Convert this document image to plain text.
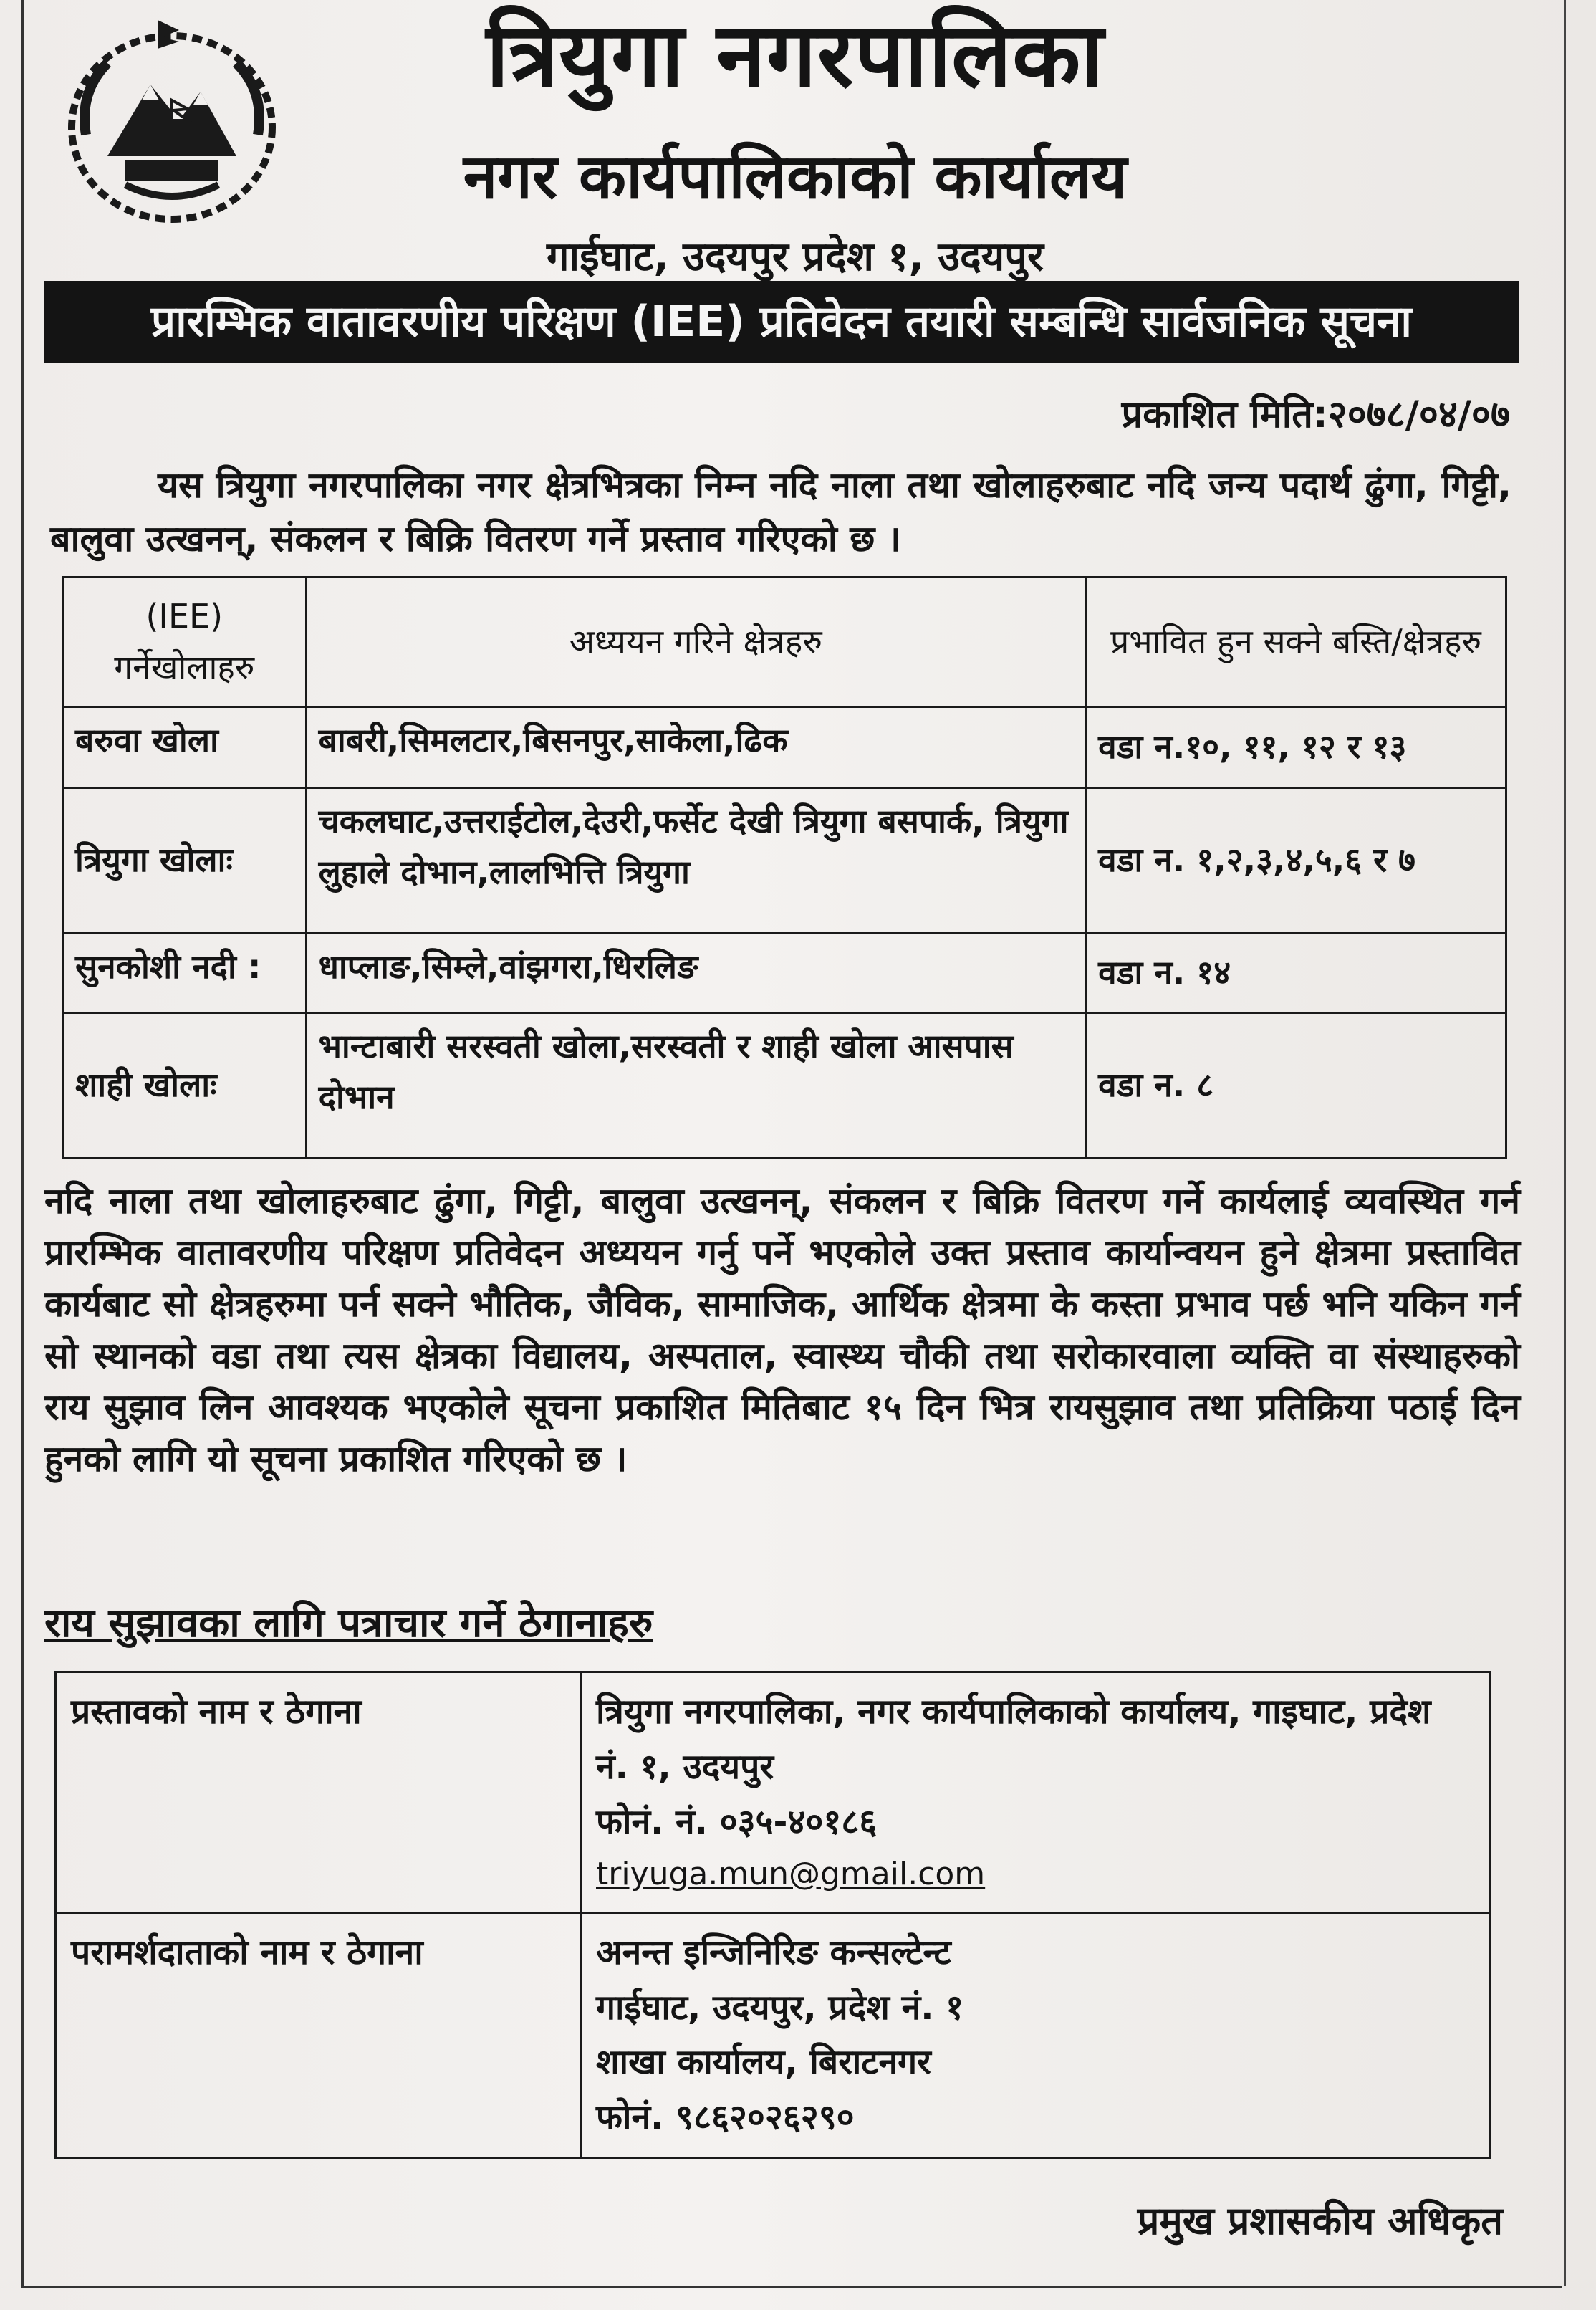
त्रियुगा नगरपालिका
नगर कार्यपालिकाको कार्यालय
गाईघाट, उदयपुर प्रदेश १, उदयपुर
प्रारम्भिक वातावरणीय परिक्षण (IEE) प्रतिवेदन तयारी सम्बन्धि सार्वजनिक सूचना
प्रकाशित मिति:२०७८/०४/०७
यस त्रियुगा नगरपालिका नगर क्षेत्रभित्रका निम्न नदि नाला तथा खोलाहरुबाट नदि जन्य पदार्थ ढुंगा, गिट्टी, बालुवा उत्खनन्, संकलन र बिक्रि वितरण गर्ने प्रस्ताव गरिएको छ ।
(IEE) गर्नेखोलाहरु	अध्ययन गरिने क्षेत्रहरु	प्रभावित हुन सक्ने बस्ति/क्षेत्रहरु
बरुवा खोला	बाबरी,सिमलटार,बिसनपुर,साकेला,ढिक	वडा न.१०, ११, १२ र १३
त्रियुगा खोलाः	चकलघाट,उत्तराईटोल,देउरी,फर्सेट देखी त्रियुगा बसपार्क, त्रियुगा लुहाले दोभान,लालभित्ति त्रियुगा	वडा न. १,२,३,४,५,६ र ७
सुनकोशी नदी :	धाप्लाङ,सिम्ले,वांझगरा,धिरलिङ	वडा न. १४
शाही खोलाः	भान्टाबारी सरस्वती खोला,सरस्वती र शाही खोला आसपास दोभान	वडा न. ८
नदि नाला तथा खोलाहरुबाट ढुंगा, गिट्टी, बालुवा उत्खनन्, संकलन र बिक्रि वितरण गर्ने कार्यलाई व्यवस्थित गर्न प्रारम्भिक वातावरणीय परिक्षण प्रतिवेदन अध्ययन गर्नु पर्ने भएकोले उक्त प्रस्ताव कार्यान्वयन हुने क्षेत्रमा प्रस्तावित कार्यबाट सो क्षेत्रहरुमा पर्न सक्ने भौतिक, जैविक, सामाजिक, आर्थिक क्षेत्रमा के कस्ता प्रभाव पर्छ भनि यकिन गर्न सो स्थानको वडा तथा त्यस क्षेत्रका विद्यालय, अस्पताल, स्वास्थ्य चौकी तथा सरोकारवाला व्यक्ति वा संस्थाहरुको राय सुझाव लिन आवश्यक भएकोले सूचना प्रकाशित मितिबाट १५ दिन भित्र रायसुझाव तथा प्रतिक्रिया पठाई दिन हुनको लागि यो सूचना प्रकाशित गरिएको छ ।
राय सुझावका लागि पत्राचार गर्ने ठेगानाहरु
प्रस्तावको नाम र ठेगाना	त्रियुगा नगरपालिका, नगर कार्यपालिकाको कार्यालय, गाइघाट, प्रदेश नं. १, उदयपुर
फोनं. नं. ०३५-४०१८६
triyuga.mun@gmail.com

परामर्शदाताको नाम र ठेगाना	अनन्त इन्जिनिरिङ कन्सल्टेन्ट
गाईघाट, उदयपुर, प्रदेश नं. १
शाखा कार्यालय, बिराटनगर
फोनं. ९८६२०२६२९०
प्रमुख प्रशासकीय अधिकृत
